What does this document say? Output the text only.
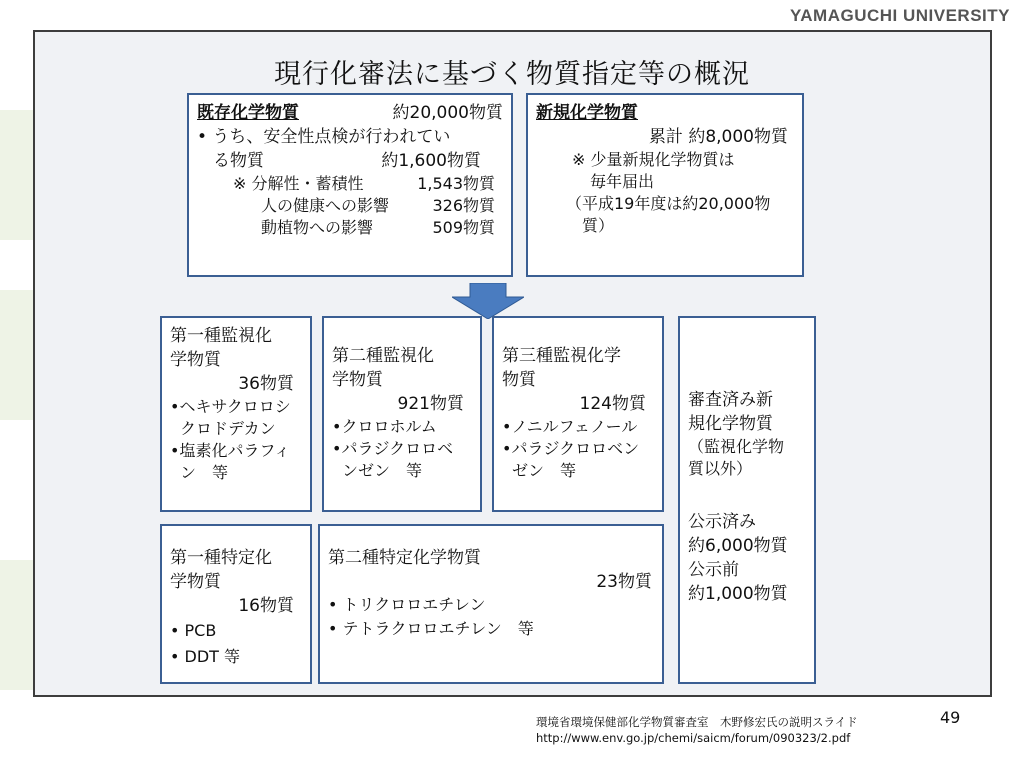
YAMAGUCHI UNIVERSITY
現行化審法に基づく物質指定等の概況
既存化学物質	約20,000物質
• うち、安全性点検が行われてい
る物質	約1,600物質
※ 分解性・蓄積性	1,543物質
人の健康への影響	326物質
動植物への影響	509物質
新規化学物質
累計 約8,000物質
※ 少量新規化学物質は
毎年届出
（平成19年度は約20,000物
質）
第一種監視化
学物質
36物質
•ヘキサクロロシ
クロドデカン
•塩素化パラフィ
ン　等
第二種監視化
学物質
921物質
•クロロホルム
•パラジクロロベ
ンゼン　等
第三種監視化学
物質
124物質
•ノニルフェノール
•パラジクロロベン
ゼン　等
審査済み新
規化学物質
（監視化学物
質以外）
公示済み
約6,000物質
公示前
約1,000物質
第一種特定化
学物質
16物質
• PCB
• DDT 等
第二種特定化学物質
23物質
• トリクロロエチレン
• テトラクロロエチレン　等
49
環境省環境保健部化学物質審査室　木野修宏氏の説明スライド
http://www.env.go.jp/chemi/saicm/forum/090323/2.pdf
